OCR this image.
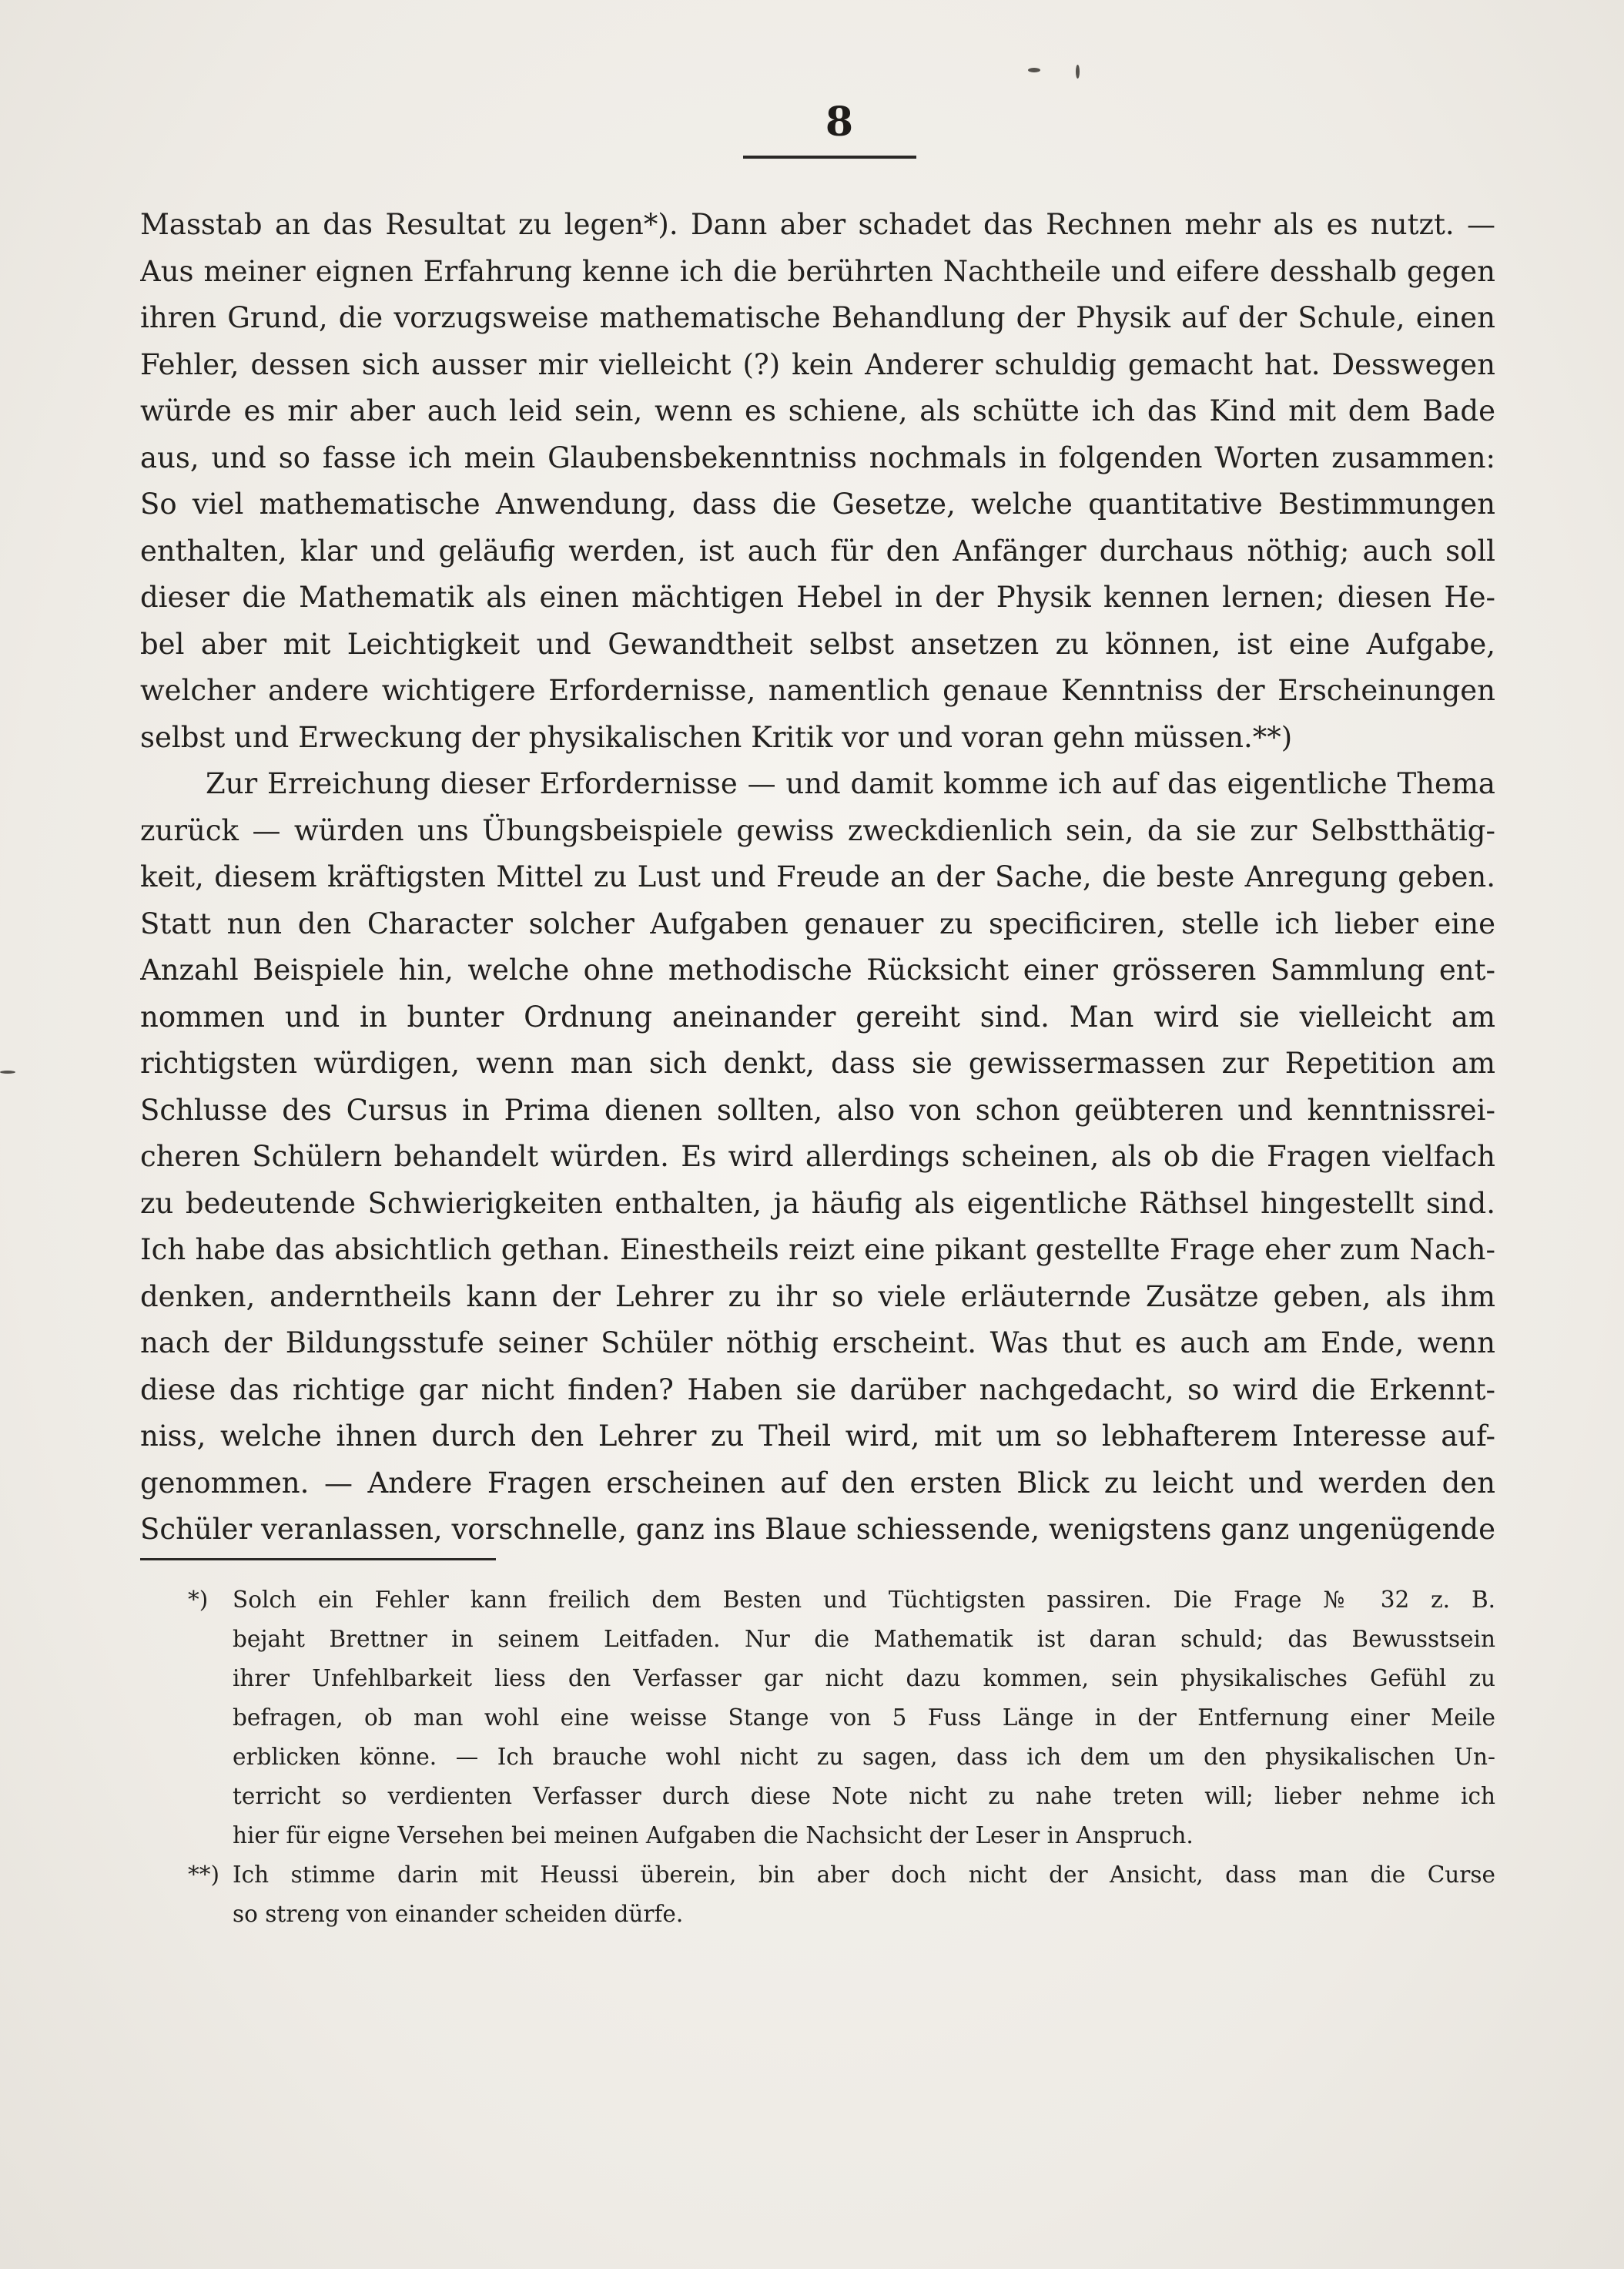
8
Masstab an das Resultat zu legen*). Dann aber schadet das Rechnen mehr als es nutzt. —
Aus meiner eignen Erfahrung kenne ich die berührten Nachtheile und eifere desshalb gegen
ihren Grund, die vorzugsweise mathematische Behandlung der Physik auf der Schule, einen
Fehler, dessen sich ausser mir vielleicht (?) kein Anderer schuldig gemacht hat. Desswegen
würde es mir aber auch leid sein, wenn es schiene, als schütte ich das Kind mit dem Bade
aus, und so fasse ich mein Glaubensbekenntniss nochmals in folgenden Worten zusammen:
So viel mathematische Anwendung, dass die Gesetze, welche quantitative Bestimmungen
enthalten, klar und geläufig werden, ist auch für den Anfänger durchaus nöthig; auch soll
dieser die Mathematik als einen mächtigen Hebel in der Physik kennen lernen; diesen He-
bel aber mit Leichtigkeit und Gewandtheit selbst ansetzen zu können, ist eine Aufgabe,
welcher andere wichtigere Erfordernisse, namentlich genaue Kenntniss der Erscheinungen
selbst und Erweckung der physikalischen Kritik vor und voran gehn müssen.**)
Zur Erreichung dieser Erfordernisse — und damit komme ich auf das eigentliche Thema
zurück — würden uns Übungsbeispiele gewiss zweckdienlich sein, da sie zur Selbstthätig-
keit, diesem kräftigsten Mittel zu Lust und Freude an der Sache, die beste Anregung geben.
Statt nun den Character solcher Aufgaben genauer zu specificiren, stelle ich lieber eine
Anzahl Beispiele hin, welche ohne methodische Rücksicht einer grösseren Sammlung ent-
nommen und in bunter Ordnung aneinander gereiht sind. Man wird sie vielleicht am
richtigsten würdigen, wenn man sich denkt, dass sie gewissermassen zur Repetition am
Schlusse des Cursus in Prima dienen sollten, also von schon geübteren und kenntnissrei-
cheren Schülern behandelt würden. Es wird allerdings scheinen, als ob die Fragen vielfach
zu bedeutende Schwierigkeiten enthalten, ja häufig als eigentliche Räthsel hingestellt sind.
Ich habe das absichtlich gethan. Einestheils reizt eine pikant gestellte Frage eher zum Nach-
denken, anderntheils kann der Lehrer zu ihr so viele erläuternde Zusätze geben, als ihm
nach der Bildungsstufe seiner Schüler nöthig erscheint. Was thut es auch am Ende, wenn
diese das richtige gar nicht finden? Haben sie darüber nachgedacht, so wird die Erkennt-
niss, welche ihnen durch den Lehrer zu Theil wird, mit um so lebhafterem Interesse auf-
genommen. — Andere Fragen erscheinen auf den ersten Blick zu leicht und werden den
Schüler veranlassen, vorschnelle, ganz ins Blaue schiessende, wenigstens ganz ungenügende
*) Solch ein Fehler kann freilich dem Besten und Tüchtigsten passiren. Die Frage № 32 z. B.
bejaht Brettner in seinem Leitfaden. Nur die Mathematik ist daran schuld; das Bewusstsein
ihrer Unfehlbarkeit liess den Verfasser gar nicht dazu kommen, sein physikalisches Gefühl zu
befragen, ob man wohl eine weisse Stange von 5 Fuss Länge in der Entfernung einer Meile
erblicken könne. — Ich brauche wohl nicht zu sagen, dass ich dem um den physikalischen Un-
terricht so verdienten Verfasser durch diese Note nicht zu nahe treten will; lieber nehme ich
hier für eigne Versehen bei meinen Aufgaben die Nachsicht der Leser in Anspruch.
**) Ich stimme darin mit Heussi überein, bin aber doch nicht der Ansicht, dass man die Curse
so streng von einander scheiden dürfe.
